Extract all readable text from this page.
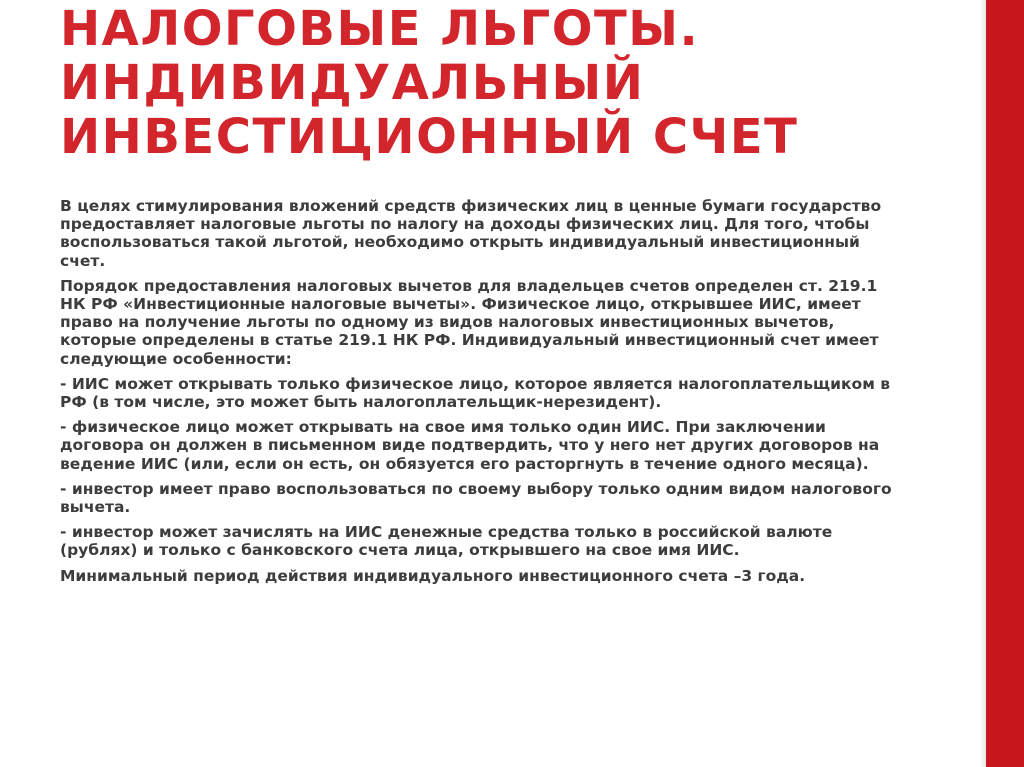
НАЛОГОВЫЕ ЛЬГОТЫ.
ИНДИВИДУАЛЬНЫЙ
ИНВЕСТИЦИОННЫЙ СЧЕТ

В целях стимулирования вложений средств физических лиц в ценные бумаги государство предоставляет налоговые льготы по налогу на доходы физических лиц. Для того, чтобы воспользоваться такой льготой, необходимо открыть индивидуальный инвестиционный счет.

Порядок предоставления налоговых вычетов для владельцев счетов определен ст. 219.1 НК РФ «Инвестиционные налоговые вычеты». Физическое лицо, открывшее ИИС, имеет право на получение льготы по одному из видов налоговых инвестиционных вычетов, которые определены в статье 219.1 НК РФ. Индивидуальный инвестиционный счет имеет следующие особенности:

- ИИС может открывать только физическое лицо, которое является налогоплательщиком в РФ (в том числе, это может быть налогоплательщик-нерезидент).

- физическое лицо может открывать на свое имя только один ИИС. При заключении договора он должен в письменном виде подтвердить, что у него нет других договоров на ведение ИИС (или, если он есть, он обязуется его расторгнуть в течение одного месяца).

- инвестор имеет право воспользоваться по своему выбору только одним видом налогового вычета.

- инвестор может зачислять на ИИС денежные средства только в российской валюте (рублях) и только с банковского счета лица, открывшего на свое имя ИИС.

Минимальный период действия индивидуального инвестиционного счета –3 года.
